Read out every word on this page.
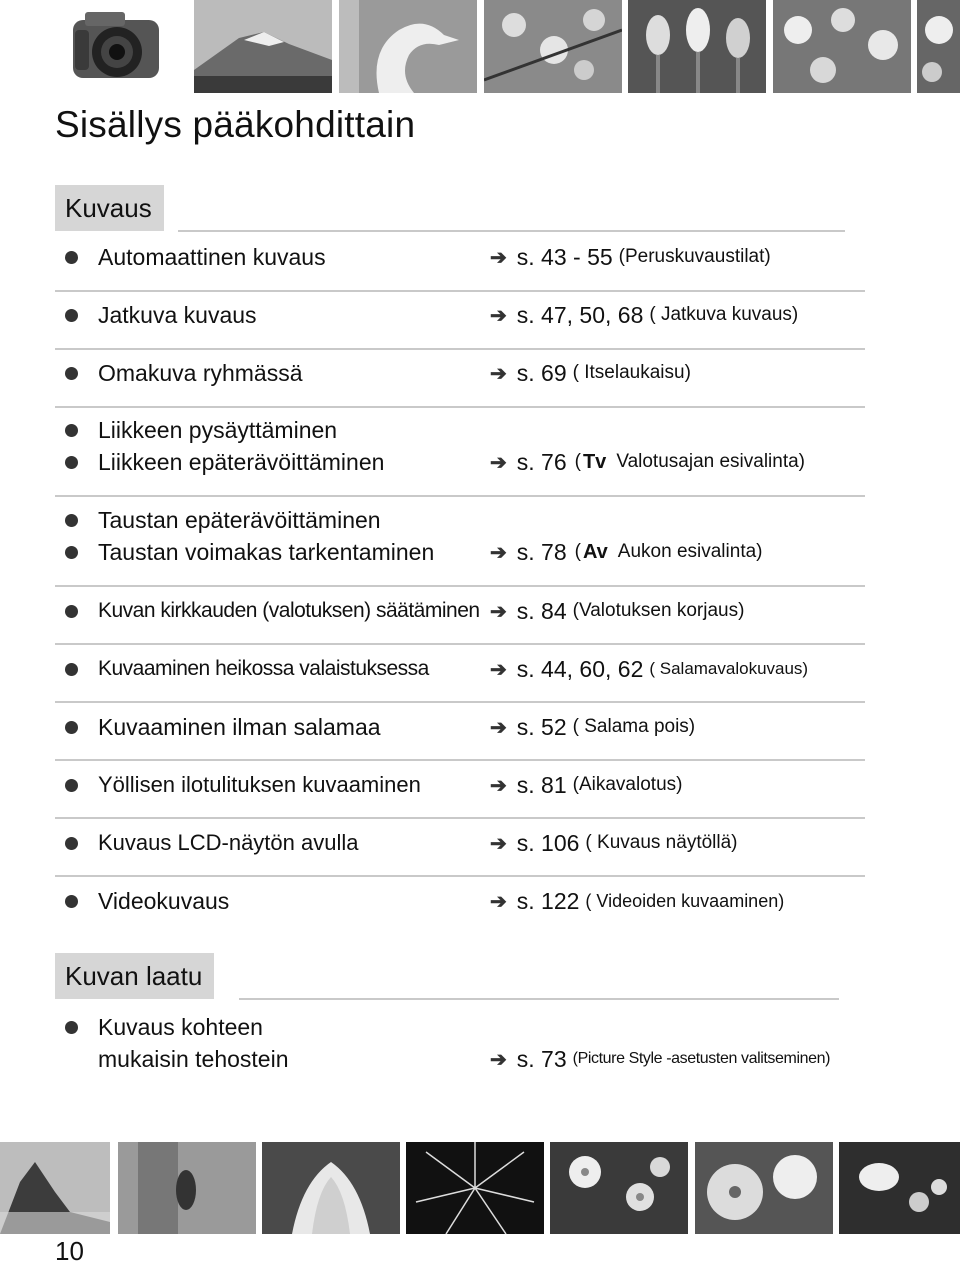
Sisällys pääkohdittain
Kuvaus
Automaattinen kuvaus	➔ s. 43 - 55 (Peruskuvaustilat)
Jatkuva kuvaus	➔ s. 47, 50, 68 ( Jatkuva kuvaus)
Omakuva ryhmässä	➔ s. 69 ( Itselaukaisu)
Liikkeen pysäyttäminen
Liikkeen epäterävöittäminen	➔ s. 76 ( Tv Valotusajan esivalinta)
Taustan epäterävöittäminen
Taustan voimakas tarkentaminen	➔ s. 78 ( Av Aukon esivalinta)
Kuvan kirkkauden (valotuksen) säätäminen ➔ s. 84 (Valotuksen korjaus)
Kuvaaminen heikossa valaistuksessa	➔ s. 44, 60, 62 ( Salamavalokuvaus)
Kuvaaminen ilman salamaa	➔ s. 52 ( Salama pois)
Yöllisen ilotulituksen kuvaaminen	➔ s. 81 (Aikavalotus)
Kuvaus LCD-näytön avulla	➔ s. 106 ( Kuvaus näytöllä)
Videokuvaus	➔ s. 122 ( Videoiden kuvaaminen)
Kuvan laatu
Kuvaus kohteen
mukaisin tehostein	➔ s. 73 (Picture Style -asetusten valitseminen)
10
